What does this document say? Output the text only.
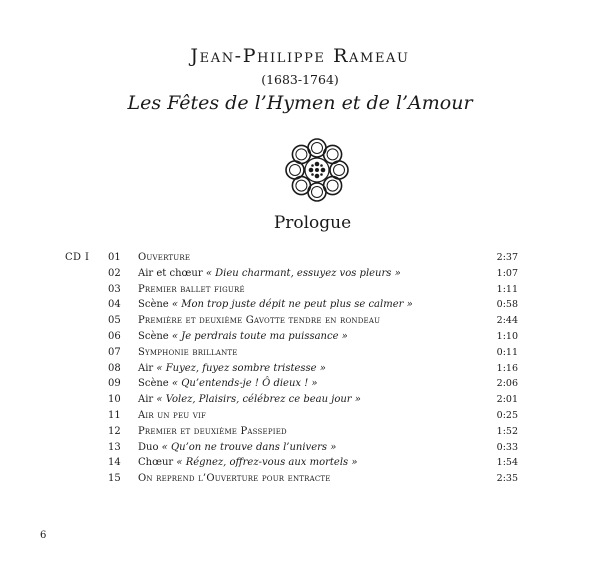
Jean-Philippe Rameau
(1683-1764)
Les Fêtes de l’Hymen et de l’Amour
Prologue
CD I 01 Ouverture	2:37
02 Air et chœur « Dieu charmant, essuyez vos pleurs »	1:07
03 Premier ballet figuré	1:11
04 Scène « Mon trop juste dépit ne peut plus se calmer »	0:58
05 Première et deuxième Gavotte tendre en rondeau	2:44
06 Scène « Je perdrais toute ma puissance »	1:10
07 Symphonie brillante	0:11
08 Air « Fuyez, fuyez sombre tristesse »	1:16
09 Scène « Qu’entends-je ! Ô dieux ! »	2:06
10 Air « Volez, Plaisirs, célébrez ce beau jour »	2:01
11 Air un peu vif	0:25
12 Premier et deuxième Passepied	1:52
13 Duo « Qu’on ne trouve dans l’univers »	0:33
14 Chœur « Régnez, offrez-vous aux mortels »	1:54
15 On reprend l’Ouverture pour entracte	2:35
6
